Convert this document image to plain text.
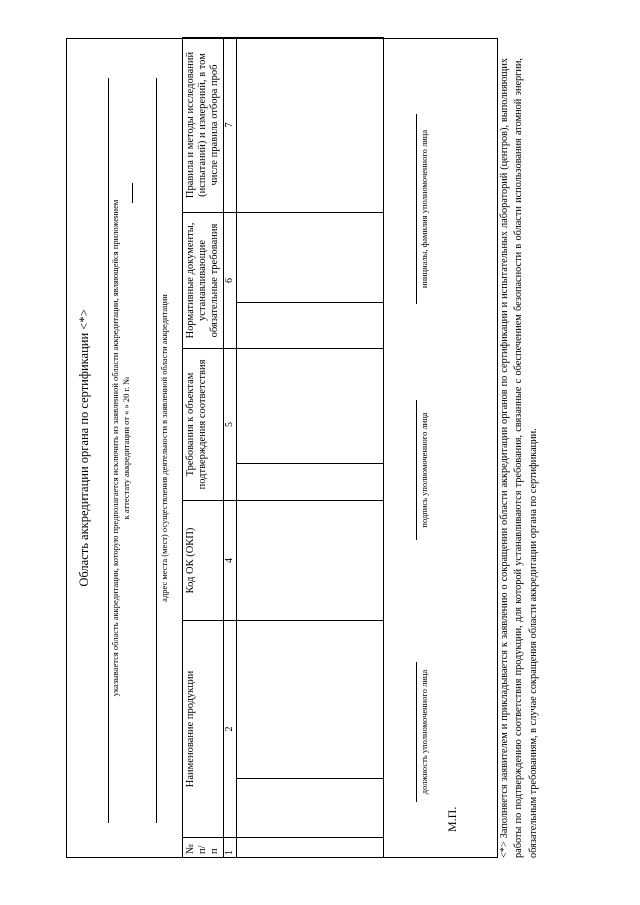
Область аккредитации органа по сертификации <*> указывается область аккредитации, которую предполагается исключить из заявленной области аккредитации, являющейся приложением к аттестату аккредитации от « » 20 г. №	адрес места (мест) осуществления деятельности в заявленной области аккредитации
№ п/п	Наименование продукции		Код ОК (ОКП)	Требования к объектам подтверждения соответствия		Нормативные документы, устанавливающие обязательные требования		Правила и методы исследований (испытаний) и измерений, в том числе правила отбора проб
1	2		4	5		6		7

должность уполномоченного лица
подпись уполномоченного лица
инициалы, фамилия уполномоченного лица
М.П.	<*> Заполняется заявителем и прикладывается к заявлению о сокращении области аккредитации органов по сертификации и испытательных лабораторий (центров), выполняющих работы по подтверждению соответствия продукции, для которой устанавливаются требования, связанные с обеспечением безопасности в области использования атомной энергии, обязательным требованиям, в случае сокращения области аккредитации органа по сертификации.
